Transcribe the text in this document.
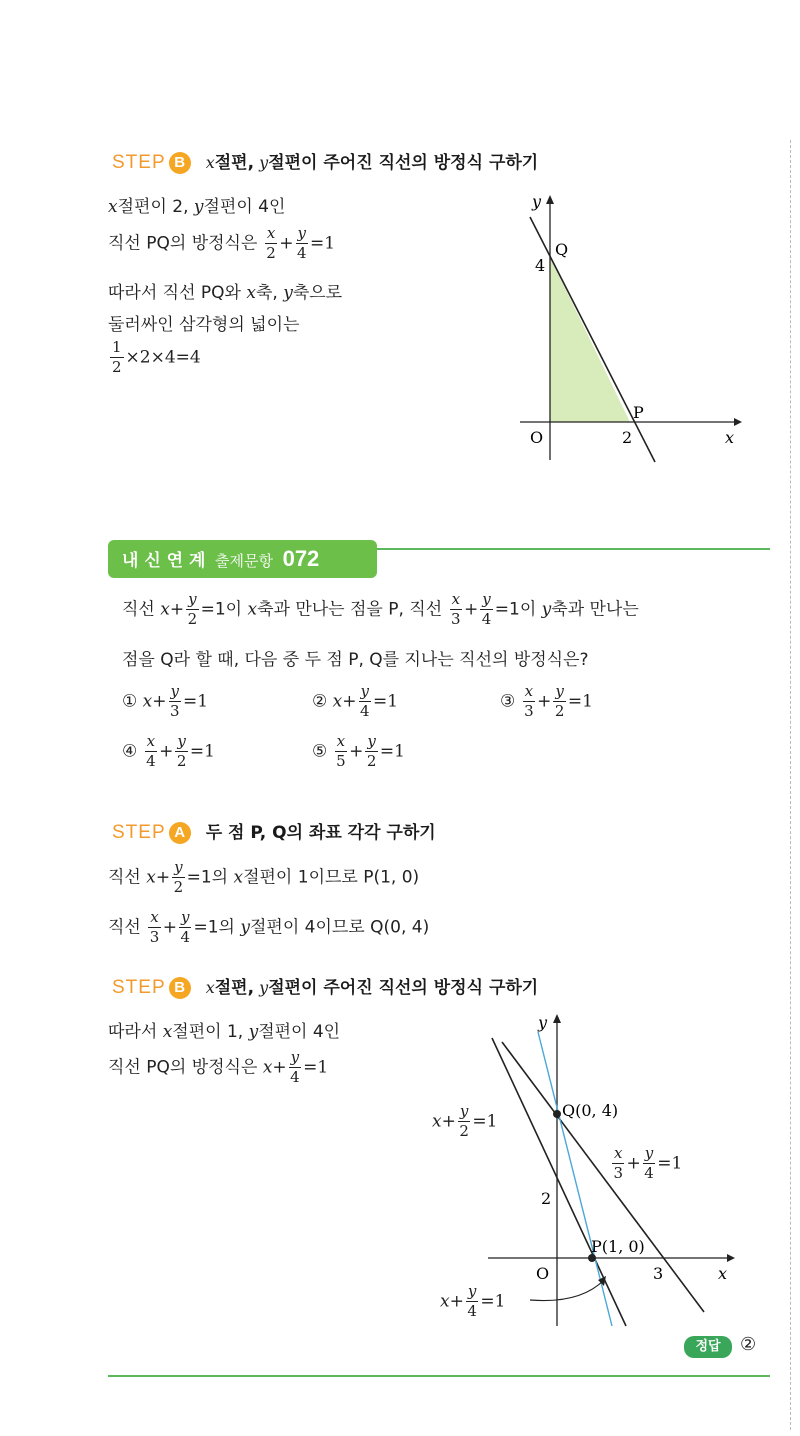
STEP B x절편, y절편이 주어진 직선의 방정식 구하기
x절편이 2, y절편이 4인
직선 PQ의 방정식은 $\frac{x}{2} + \frac{y}{4} =1$
따라서 직선 PQ와 x축, y축으로
둘러싸인 삼각형의 넓이는
$\frac{1}{2} \times 2\times 4=4$
y
Q
4
P
O	2	x
내 신 연 계 출제문항 072
직선 $x+ \frac{y}{2} =1$이 x축과 만나는 점을 P, 직선 $\frac{x}{3} + \frac{y}{4} =1$이 y축과 만나는
점을 Q라 할 때, 다음 중 두 점 P, Q를 지나는 직선의 방정식은?
① $x+ \frac{y}{3} =1$	② $x+ \frac{y}{4} =1$	③ $\frac{x}{3} + \frac{y}{2} =1$
④ $\frac{x}{4} + \frac{y}{2} =1$	⑤ $\frac{x}{5} + \frac{y}{2} =1$
STEP A 두 점 P, Q의 좌표 각각 구하기
직선 $x+ \frac{y}{2} =1$의 x절편이 1이므로 P(1, 0)
직선 $\frac{x}{3} + \frac{y}{4} =1$의 y절편이 4이므로 Q(0, 4)
STEP B x절편, y절편이 주어진 직선의 방정식 구하기
따라서 x절편이 1, y절편이 4인
직선 PQ의 방정식은 $x+ \frac{y}{4} =1$
y
Q(0, 4)
2
P(1, 0)
O	3	x
$x+ \frac{y}{2} =1$
$\frac{x}{3} + \frac{y}{4} =1$
$x+ \frac{y}{4} =1$
정답	②
